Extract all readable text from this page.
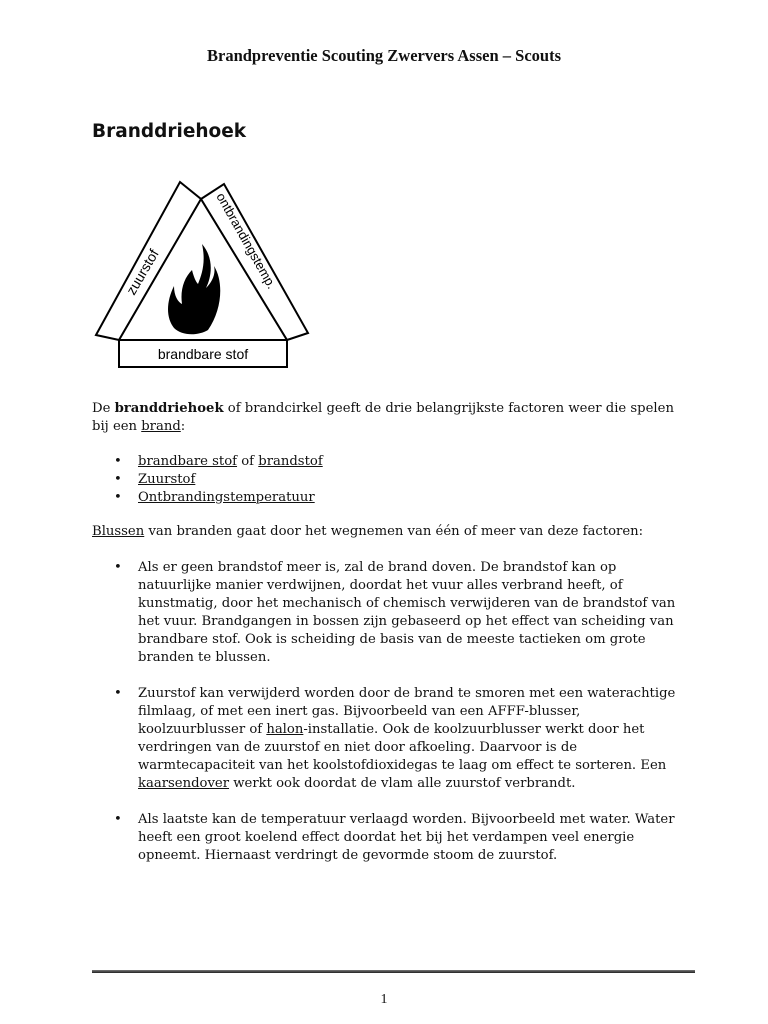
Brandpreventie Scouting Zwervers Assen – Scouts
Branddriehoek
zuurstof
ontbrandingstemp.
brandbare stof
De branddriehoek of brandcirkel geeft de drie belangrijkste factoren weer die spelen bij een brand:
• brandbare stof of brandstof
• Zuurstof
• Ontbrandingstemperatuur
Blussen van branden gaat door het wegnemen van één of meer van deze factoren:
• Als er geen brandstof meer is, zal de brand doven. De brandstof kan op natuurlijke manier verdwijnen, doordat het vuur alles verbrand heeft, of kunstmatig, door het mechanisch of chemisch verwijderen van de brandstof van het vuur. Brandgangen in bossen zijn gebaseerd op het effect van scheiding van brandbare stof. Ook is scheiding de basis van de meeste tactieken om grote branden te blussen.
• Zuurstof kan verwijderd worden door de brand te smoren met een waterachtige filmlaag, of met een inert gas. Bijvoorbeeld van een AFFF-blusser, koolzuurblusser of halon-installatie. Ook de koolzuurblusser werkt door het verdringen van de zuurstof en niet door afkoeling. Daarvoor is de warmtecapaciteit van het koolstofdioxidegas te laag om effect te sorteren. Een kaarsendover werkt ook doordat de vlam alle zuurstof verbrandt.
• Als laatste kan de temperatuur verlaagd worden. Bijvoorbeeld met water. Water heeft een groot koelend effect doordat het bij het verdampen veel energie opneemt. Hiernaast verdringt de gevormde stoom de zuurstof.
1
